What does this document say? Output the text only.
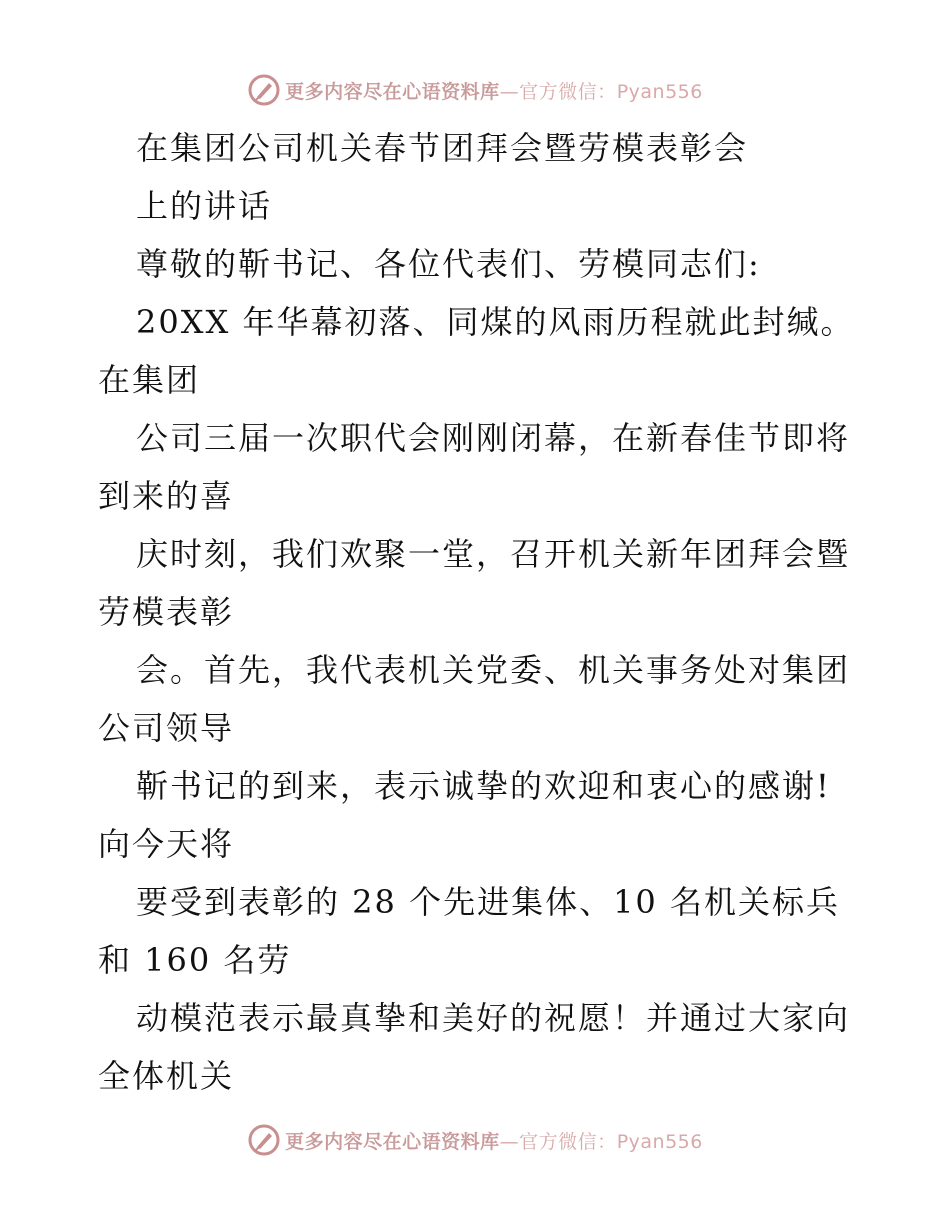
更多内容尽在心语资料库—官方微信：Pyan556
在集团公司机关春节团拜会暨劳模表彰会
上的讲话
尊敬的靳书记、各位代表们、劳模同志们:
20XX 年华幕初落、同煤的风雨历程就此封缄。
在集团
公司三届一次职代会刚刚闭幕，在新春佳节即将
到来的喜
庆时刻，我们欢聚一堂，召开机关新年团拜会暨
劳模表彰
会。首先，我代表机关党委、机关事务处对集团
公司领导
靳书记的到来，表示诚挚的欢迎和衷心的感谢!
向今天将
要受到表彰的 28 个先进集体、10 名机关标兵
和 160 名劳
动模范表示最真挚和美好的祝愿！并通过大家向
全体机关
更多内容尽在心语资料库—官方微信：Pyan556
